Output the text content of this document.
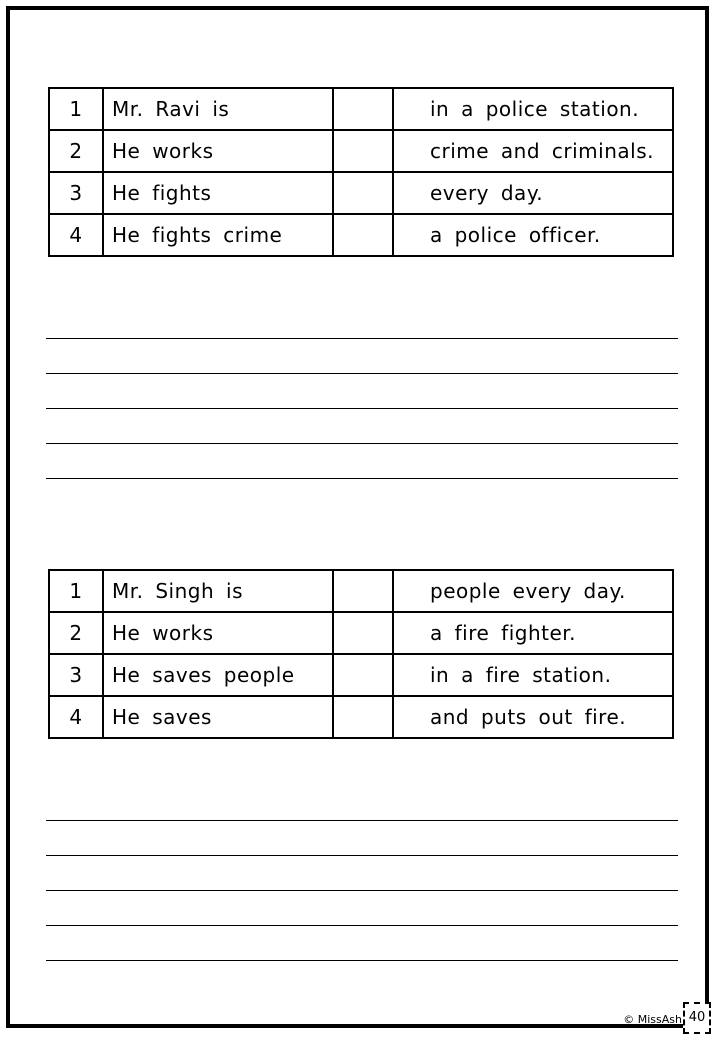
1	Mr. Ravi is		in a police station.
2	He works		crime and criminals.
3	He fights		every day.
4	He fights crime		a police officer.
1	Mr. Singh is		people every day.
2	He works		a fire fighter.
3	He saves people		in a fire station.
4	He saves		and puts out fire.
© MissAsh 40
